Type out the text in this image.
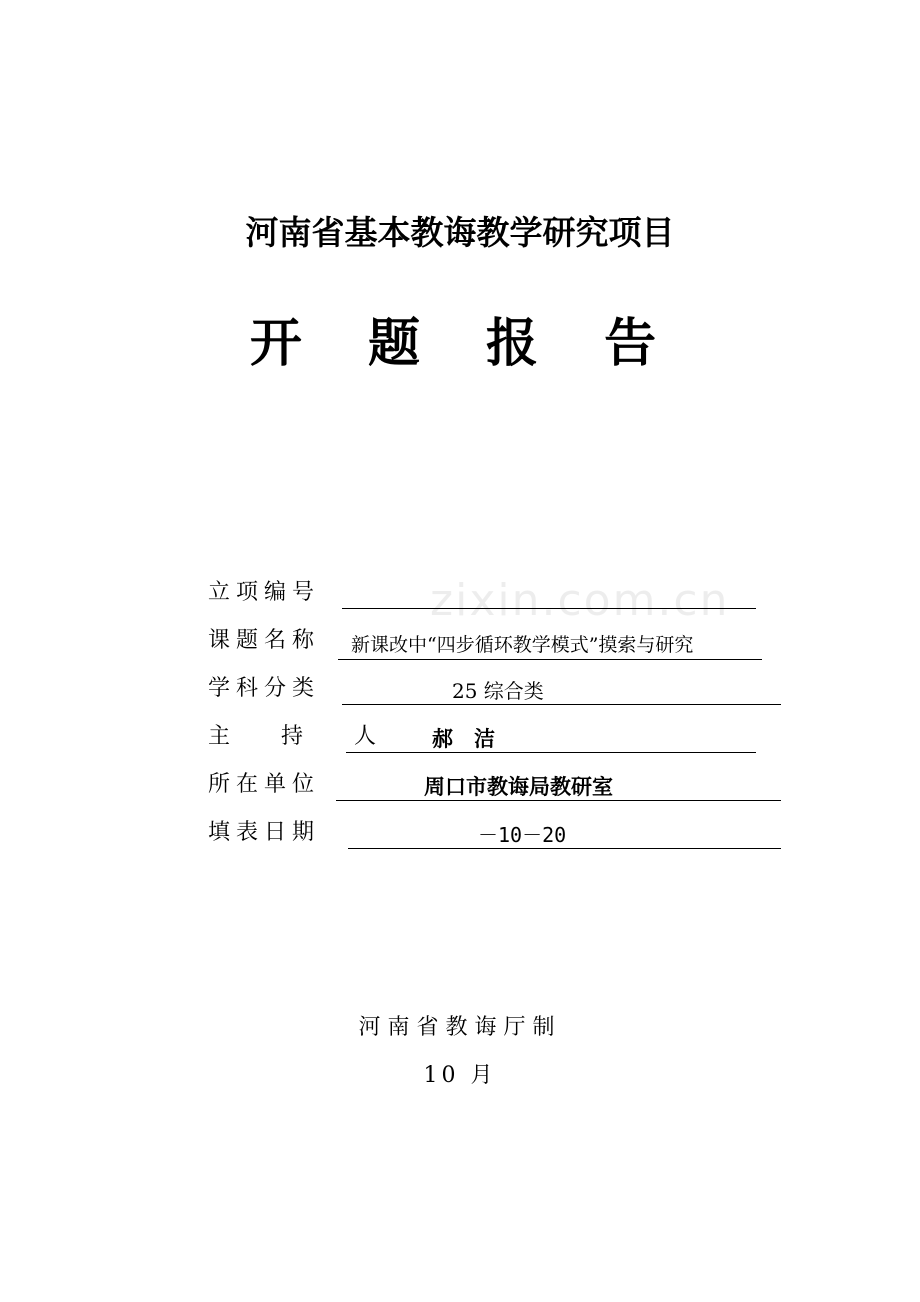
zixin.com.cn
河南省基本教诲教学研究项目
开 题 报 告
立项编号
课题名称 新课改中“四步循环教学模式”摸索与研究
学科分类	25 综合类
主 持 人 郝　洁
所在单位	周口市教诲局教研室
填表日期	－10－20
河南省教诲厅制
10 月
